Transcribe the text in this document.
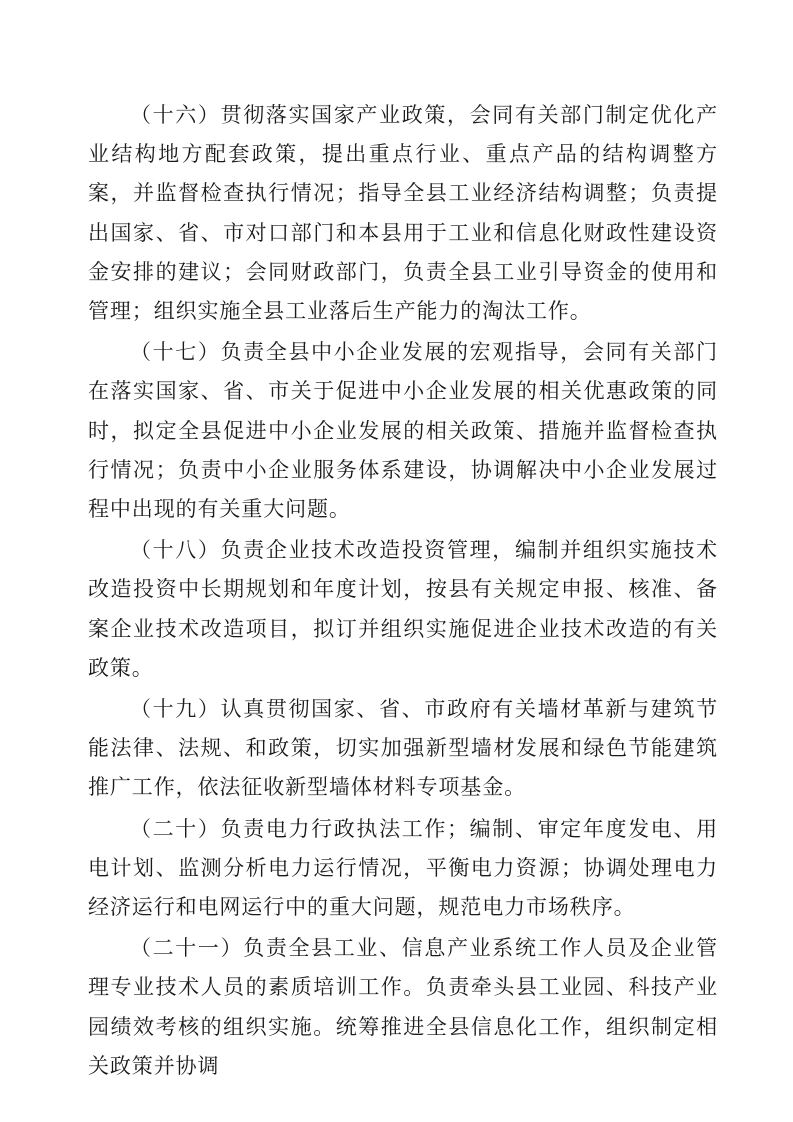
（十六）贯彻落实国家产业政策，会同有关部门制定优化产业结构地方配套政策，提出重点行业、重点产品的结构调整方案，并监督检查执行情况；指导全县工业经济结构调整；负责提出国家、省、市对口部门和本县用于工业和信息化财政性建设资金安排的建议；会同财政部门，负责全县工业引导资金的使用和管理；组织实施全县工业落后生产能力的淘汰工作。

（十七）负责全县中小企业发展的宏观指导，会同有关部门在落实国家、省、市关于促进中小企业发展的相关优惠政策的同时，拟定全县促进中小企业发展的相关政策、措施并监督检查执行情况；负责中小企业服务体系建设，协调解决中小企业发展过程中出现的有关重大问题。

（十八）负责企业技术改造投资管理，编制并组织实施技术改造投资中长期规划和年度计划，按县有关规定申报、核准、备案企业技术改造项目，拟订并组织实施促进企业技术改造的有关政策。

（十九）认真贯彻国家、省、市政府有关墙材革新与建筑节能法律、法规、和政策，切实加强新型墙材发展和绿色节能建筑推广工作，依法征收新型墙体材料专项基金。

（二十）负责电力行政执法工作；编制、审定年度发电、用电计划、监测分析电力运行情况，平衡电力资源；协调处理电力经济运行和电网运行中的重大问题，规范电力市场秩序。

（二十一）负责全县工业、信息产业系统工作人员及企业管理专业技术人员的素质培训工作。负责牵头县工业园、科技产业园绩效考核的组织实施。统筹推进全县信息化工作，组织制定相关政策并协调
